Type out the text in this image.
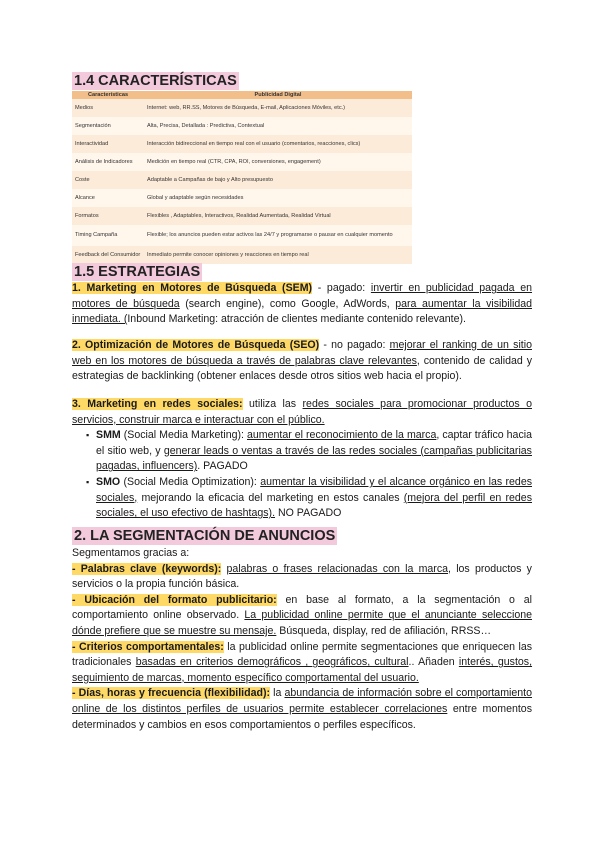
1.4 CARACTERÍSTICAS
Características	Publicidad Digital
Medios	Internet: web, RR.SS, Motores de Búsqueda, E-mail, Aplicaciones Móviles, etc.)
Segmentación	Alta, Precisa, Detallada : Predictiva, Contextual
Interactividad	Interacción bidireccional en tiempo real con el usuario (comentarios, reacciones, clics)
Análisis de Indicadores	Medición en tiempo real (CTR, CPA, ROI, conversiones, engagement)
Coste	Adaptable a Campañas de bajo y Alto presupuesto
Alcance	Global y adaptable según necesidades
Formatos	Flexibles , Adaptables, Interactivos, Realidad Aumentada, Realidad Virtual
Timing Campaña	Flexible; los anuncios pueden estar activos las 24/7 y programarse o pausar en cualquier momento
Feedback del Consumidor	Inmediato permite conocer opiniones y reacciones en tiempo real
1.5 ESTRATEGIAS
1. Marketing en Motores de Búsqueda (SEM) - pagado: invertir en publicidad pagada en motores de búsqueda (search engine), como Google, AdWords, para aumentar la visibilidad inmediata. (Inbound Marketing: atracción de clientes mediante contenido relevante).
2. Optimización de Motores de Búsqueda (SEO) - no pagado: mejorar el ranking de un sitio web en los motores de búsqueda a través de palabras clave relevantes, contenido de calidad y estrategias de backlinking (obtener enlaces desde otros sitios web hacia el propio).
3. Marketing en redes sociales: utiliza las redes sociales para promocionar productos o servicios, construir marca e interactuar con el público.
▪ SMM (Social Media Marketing): aumentar el reconocimiento de la marca, captar tráfico hacia el sitio web, y generar leads o ventas a través de las redes sociales (campañas publicitarias pagadas, influencers). PAGADO
▪ SMO (Social Media Optimization): aumentar la visibilidad y el alcance orgánico en las redes sociales, mejorando la eficacia del marketing en estos canales (mejora del perfil en redes sociales, el uso efectivo de hashtags). NO PAGADO
2. LA SEGMENTACIÓN DE ANUNCIOS
Segmentamos gracias a:
- Palabras clave (keywords): palabras o frases relacionadas con la marca, los productos y servicios o la propia función básica.
- Ubicación del formato publicitario: en base al formato, a la segmentación o al comportamiento online observado. La publicidad online permite que el anunciante seleccione dónde prefiere que se muestre su mensaje. Búsqueda, display, red de afiliación, RRSS…
- Criterios comportamentales: la publicidad online permite segmentaciones que enriquecen las tradicionales basadas en criterios demográficos , geográficos, cultural.. Añaden interés, gustos, seguimiento de marcas, momento específico comportamental del usuario.
- Días, horas y frecuencia (flexibilidad): la abundancia de información sobre el comportamiento online de los distintos perfiles de usuarios permite establecer correlaciones entre momentos determinados y cambios en esos comportamientos o perfiles específicos.
